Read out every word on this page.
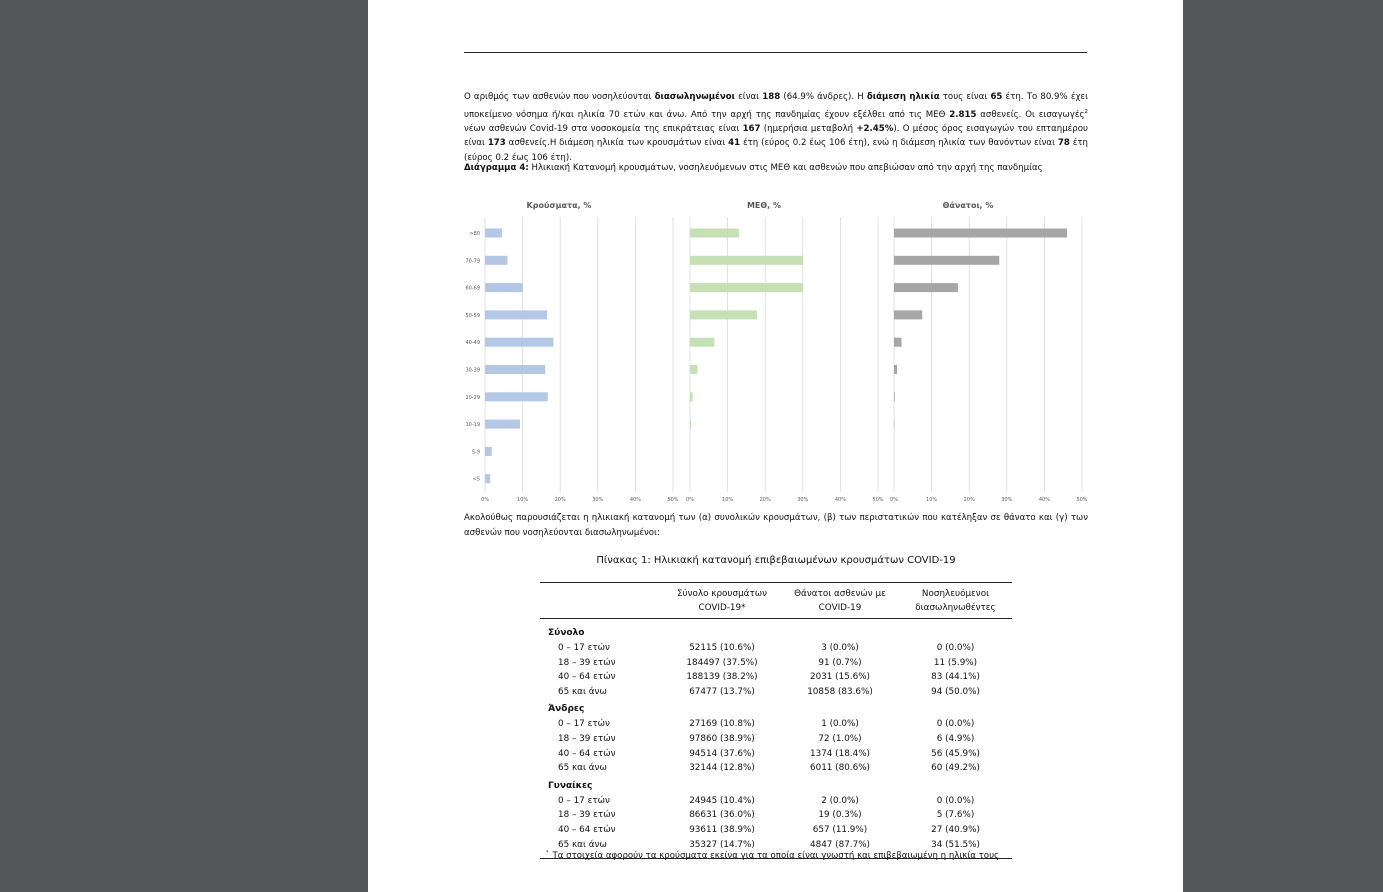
Ο αριθμός των ασθενών που νοσηλεύονται διασωληνωμένοι είναι 188 (64.9% άνδρες). Η διάμεση ηλικία τους είναι 65 έτη. Το 80.9% έχει υποκείμενο νόσημα ή/και ηλικία 70 ετών και άνω. Από την αρχή της πανδημίας έχουν εξέλθει από τις ΜΕΘ 2.815 ασθενείς. Οι εισαγωγές$^2$ νέων ασθενών Covid-19 στα νοσοκομεία της επικράτειας είναι 167 (ημερήσια μεταβολή +2.45%). Ο μέσος όρος εισαγωγών του επταημέρου είναι 173 ασθενείς.Η διάμεση ηλικία των κρουσμάτων είναι 41 έτη (εύρος 0.2 έως 106 έτη), ενώ η διάμεση ηλικία των θανόντων είναι 78 έτη (εύρος 0.2 έως 106 έτη).
Διάγραμμα 4: Ηλικιακή Κατανομή κρουσμάτων, νοσηλευόμενων στις ΜΕΘ και ασθενών που απεβιώσαν από την αρχή της πανδημίας
Κρούσματα, %
0%	10%	20%	30%	40%	50%
>80
70-79
60-69
50-59
40-49
30-39
20-29
10-19
5-9
<5
ΜΕΘ, %
0%	10%	20%	30%	40%	50%
Θάνατοι, %
0%	10%	20%	30%	40%	50%
Ακολούθως παρουσιάζεται η ηλικιακή κατανομή των (α) συνολικών κρουσμάτων, (β) των περιστατικών που κατέληξαν σε θάνατο και (γ) των ασθενών που νοσηλεύονται διασωληνωμένοι:
Πίνακας 1: Ηλικιακή κατανομή επιβεβαιωμένων κρουσμάτων COVID-19
Σύνολο κρουσμάτων
COVID-19*
Θάνατοι ασθενών με
COVID-19
Νοσηλευόμενοι
διασωληνωθέντες
Σύνολο
0 – 17 ετών	52115 (10.6%)	3 (0.0%)	0 (0.0%)
18 – 39 ετών	184497 (37.5%)	91 (0.7%)	11 (5.9%)
40 – 64 ετών	188139 (38.2%)	2031 (15.6%)	83 (44.1%)
65 και άνω	67477 (13.7%)	10858 (83.6%)	94 (50.0%)
Άνδρες
0 – 17 ετών	27169 (10.8%)	1 (0.0%)	0 (0.0%)
18 – 39 ετών	97860 (38.9%)	72 (1.0%)	6 (4.9%)
40 – 64 ετών	94514 (37.6%)	1374 (18.4%)	56 (45.9%)
65 και άνω	32144 (12.8%)	6011 (80.6%)	60 (49.2%)
Γυναίκες
0 – 17 ετών	24945 (10.4%)	2 (0.0%)	0 (0.0%)
18 – 39 ετών	86631 (36.0%)	19 (0.3%)	5 (7.6%)
40 – 64 ετών	93611 (38.9%)	657 (11.9%)	27 (40.9%)
65 και άνω	35327 (14.7%)	4847 (87.7%)	34 (51.5%)
* Τα στοιχεία αφορούν τα κρούσματα εκείνα για τα οποία είναι γνωστή και επιβεβαιωμένη η ηλικία τους
